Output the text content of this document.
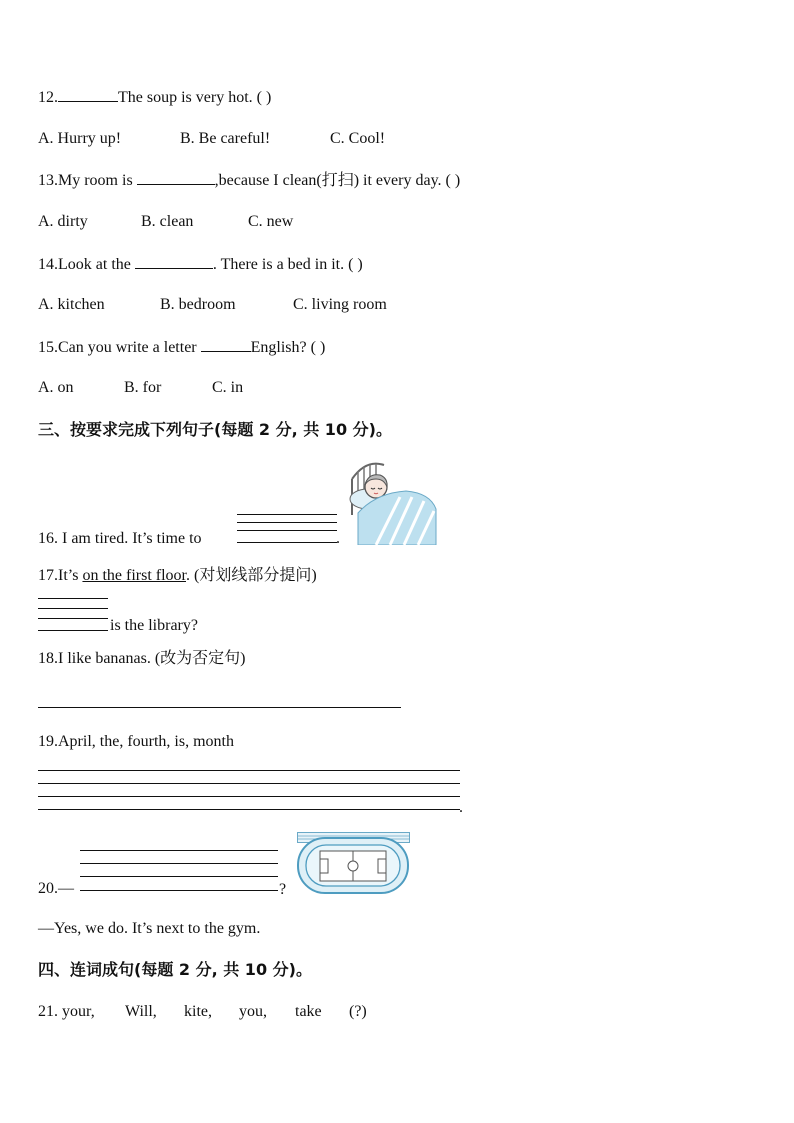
12.	The soup is very hot. ( )
A. Hurry up!	B. Be careful!	C. Cool!
13.My room is	,because I clean(打扫) it every day. ( )
A. dirty	B. clean	C. new
14.Look at the	. There is a bed in it. ( )
A. kitchen	B. bedroom	C. living room
15.Can you write a letter	English? ( )
A. on	B. for	C. in
三、按要求完成下列句子(每题 2 分, 共 10 分)。
16. I am tired. It’s time to	.
17.It’s on the first floor. (对划线部分提问)
is the library?
18.I like bananas. (改为否定句)
19.April, the, fourth, is, month
.
20.—	?
—Yes, we do. It’s next to the gym.
四、连词成句(每题 2 分, 共 10 分)。
21. your, Will, kite, you, take (?)
